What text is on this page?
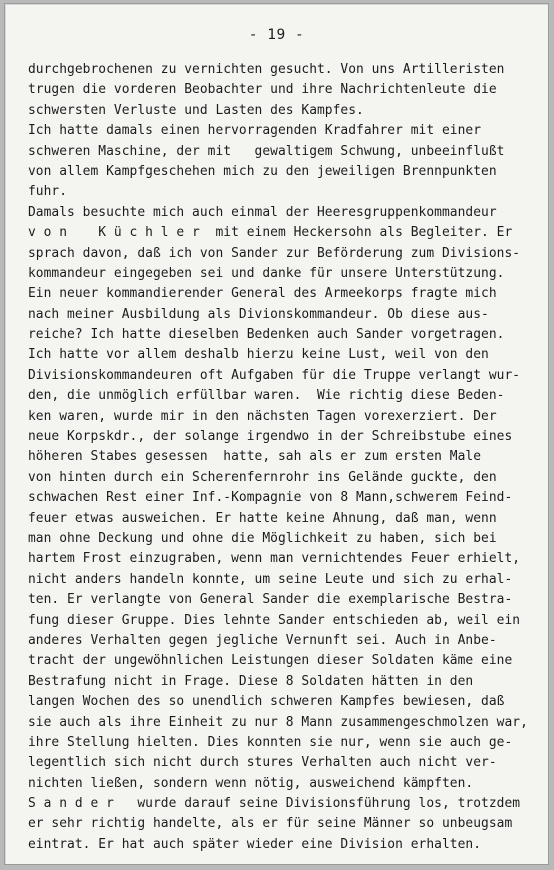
- 19 -
durchgebrochenen zu vernichten gesucht. Von uns Artilleristen
trugen die vorderen Beobachter und ihre Nachrichtenleute die
schwersten Verluste und Lasten des Kampfes.
Ich hatte damals einen hervorragenden Kradfahrer mit einer
schweren Maschine, der mit   gewaltigem Schwung, unbeeinflußt
von allem Kampfgeschehen mich zu den jeweiligen Brennpunkten
fuhr.
Damals besuchte mich auch einmal der Heeresgruppenkommandeur
v o n    K ü c h l e r  mit einem Heckersohn als Begleiter. Er
sprach davon, daß ich von Sander zur Beförderung zum Divisions-
kommandeur eingegeben sei und danke für unsere Unterstützung.
Ein neuer kommandierender General des Armeekorps fragte mich
nach meiner Ausbildung als Divionskommandeur. Ob diese aus-
reiche? Ich hatte dieselben Bedenken auch Sander vorgetragen.
Ich hatte vor allem deshalb hierzu keine Lust, weil von den
Divisionskommandeuren oft Aufgaben für die Truppe verlangt wur-
den, die unmöglich erfüllbar waren.  Wie richtig diese Beden-
ken waren, wurde mir in den nächsten Tagen vorexerziert. Der
neue Korpskdr., der solange irgendwo in der Schreibstube eines
höheren Stabes gesessen  hatte, sah als er zum ersten Male
von hinten durch ein Scherenfernrohr ins Gelände guckte, den
schwachen Rest einer Inf.-Kompagnie von 8 Mann,schwerem Feind-
feuer etwas ausweichen. Er hatte keine Ahnung, daß man, wenn
man ohne Deckung und ohne die Möglichkeit zu haben, sich bei
hartem Frost einzugraben, wenn man vernichtendes Feuer erhielt,
nicht anders handeln konnte, um seine Leute und sich zu erhal-
ten. Er verlangte von General Sander die exemplarische Bestra-
fung dieser Gruppe. Dies lehnte Sander entschieden ab, weil ein
anderes Verhalten gegen jegliche Vernunft sei. Auch in Anbe-
tracht der ungewöhnlichen Leistungen dieser Soldaten käme eine
Bestrafung nicht in Frage. Diese 8 Soldaten hätten in den
langen Wochen des so unendlich schweren Kampfes bewiesen, daß
sie auch als ihre Einheit zu nur 8 Mann zusammengeschmolzen war,
ihre Stellung hielten. Dies konnten sie nur, wenn sie auch ge-
legentlich sich nicht durch stures Verhalten auch nicht ver-
nichten ließen, sondern wenn nötig, ausweichend kämpften.
S a n d e r   wurde darauf seine Divisionsführung los, trotzdem
er sehr richtig handelte, als er für seine Männer so unbeugsam
eintrat. Er hat auch später wieder eine Division erhalten.
